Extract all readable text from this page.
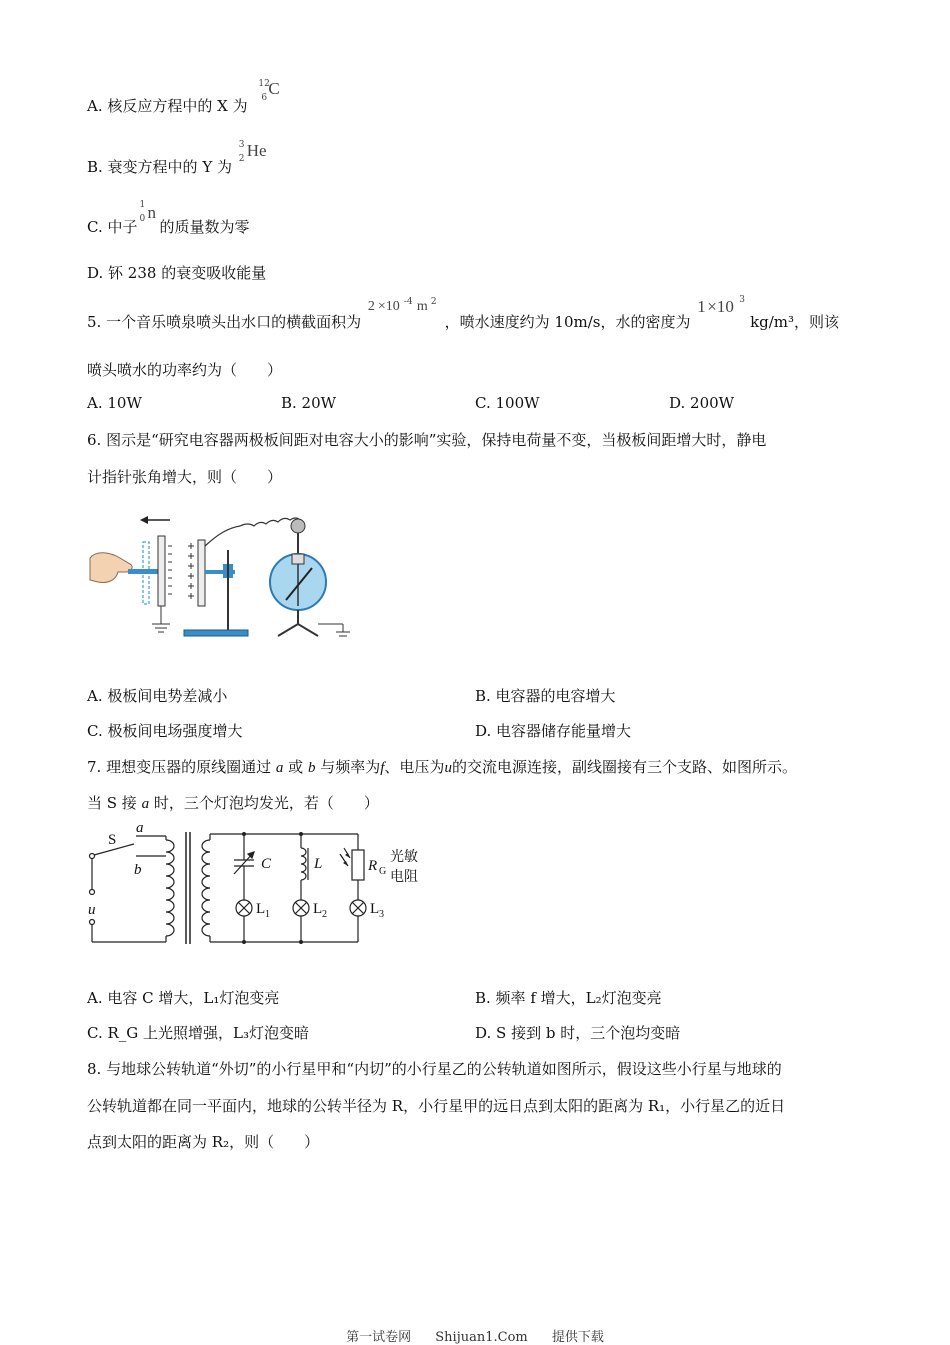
A. 核反应方程中的 X 为
12
6 C
B. 衰变方程中的 Y 为
3
2 He
C. 中子
1
0 n
的质量数为零
D. 钚 238 的衰变吸收能量
5. 一个音乐喷泉喷头出水口的横截面积为
2 ×10 -4 m 2
，喷水速度约为 10m/s，水的密度为
1 ×10 3
kg/m³，则该
喷头喷水的功率约为（　　）
A. 10W	B. 20W	C. 100W	D. 200W
6. 图示是“研究电容器两极板间距对电容大小的影响”实验，保持电荷量不变，当极板间距增大时，静电
计指针张角增大，则（　　）
A. 极板间电势差减小	B. 电容器的电容增大
C. 极板间电场强度增大	D. 电容器储存能量增大
7. 理想变压器的原线圈通过 a 或 b 与频率为f、电压为u的交流电源连接，副线圈接有三个支路、如图所示。
当 S 接 a 时，三个灯泡均发光，若（　　）
S
a
b
u
C	L	R G
L 1	L 2	L 3
光敏
电阻
A. 电容 C 增大，L₁灯泡变亮	B. 频率 f 增大，L₂灯泡变亮
C. R_G 上光照增强，L₃灯泡变暗	D. S 接到 b 时，三个泡均变暗
8. 与地球公转轨道“外切”的小行星甲和“内切”的小行星乙的公转轨道如图所示，假设这些小行星与地球的
公转轨道都在同一平面内，地球的公转半径为 R，小行星甲的远日点到太阳的距离为 R₁，小行星乙的近日
点到太阳的距离为 R₂，则（　　）
第一试卷网 Shijuan1.Com 提供下载
